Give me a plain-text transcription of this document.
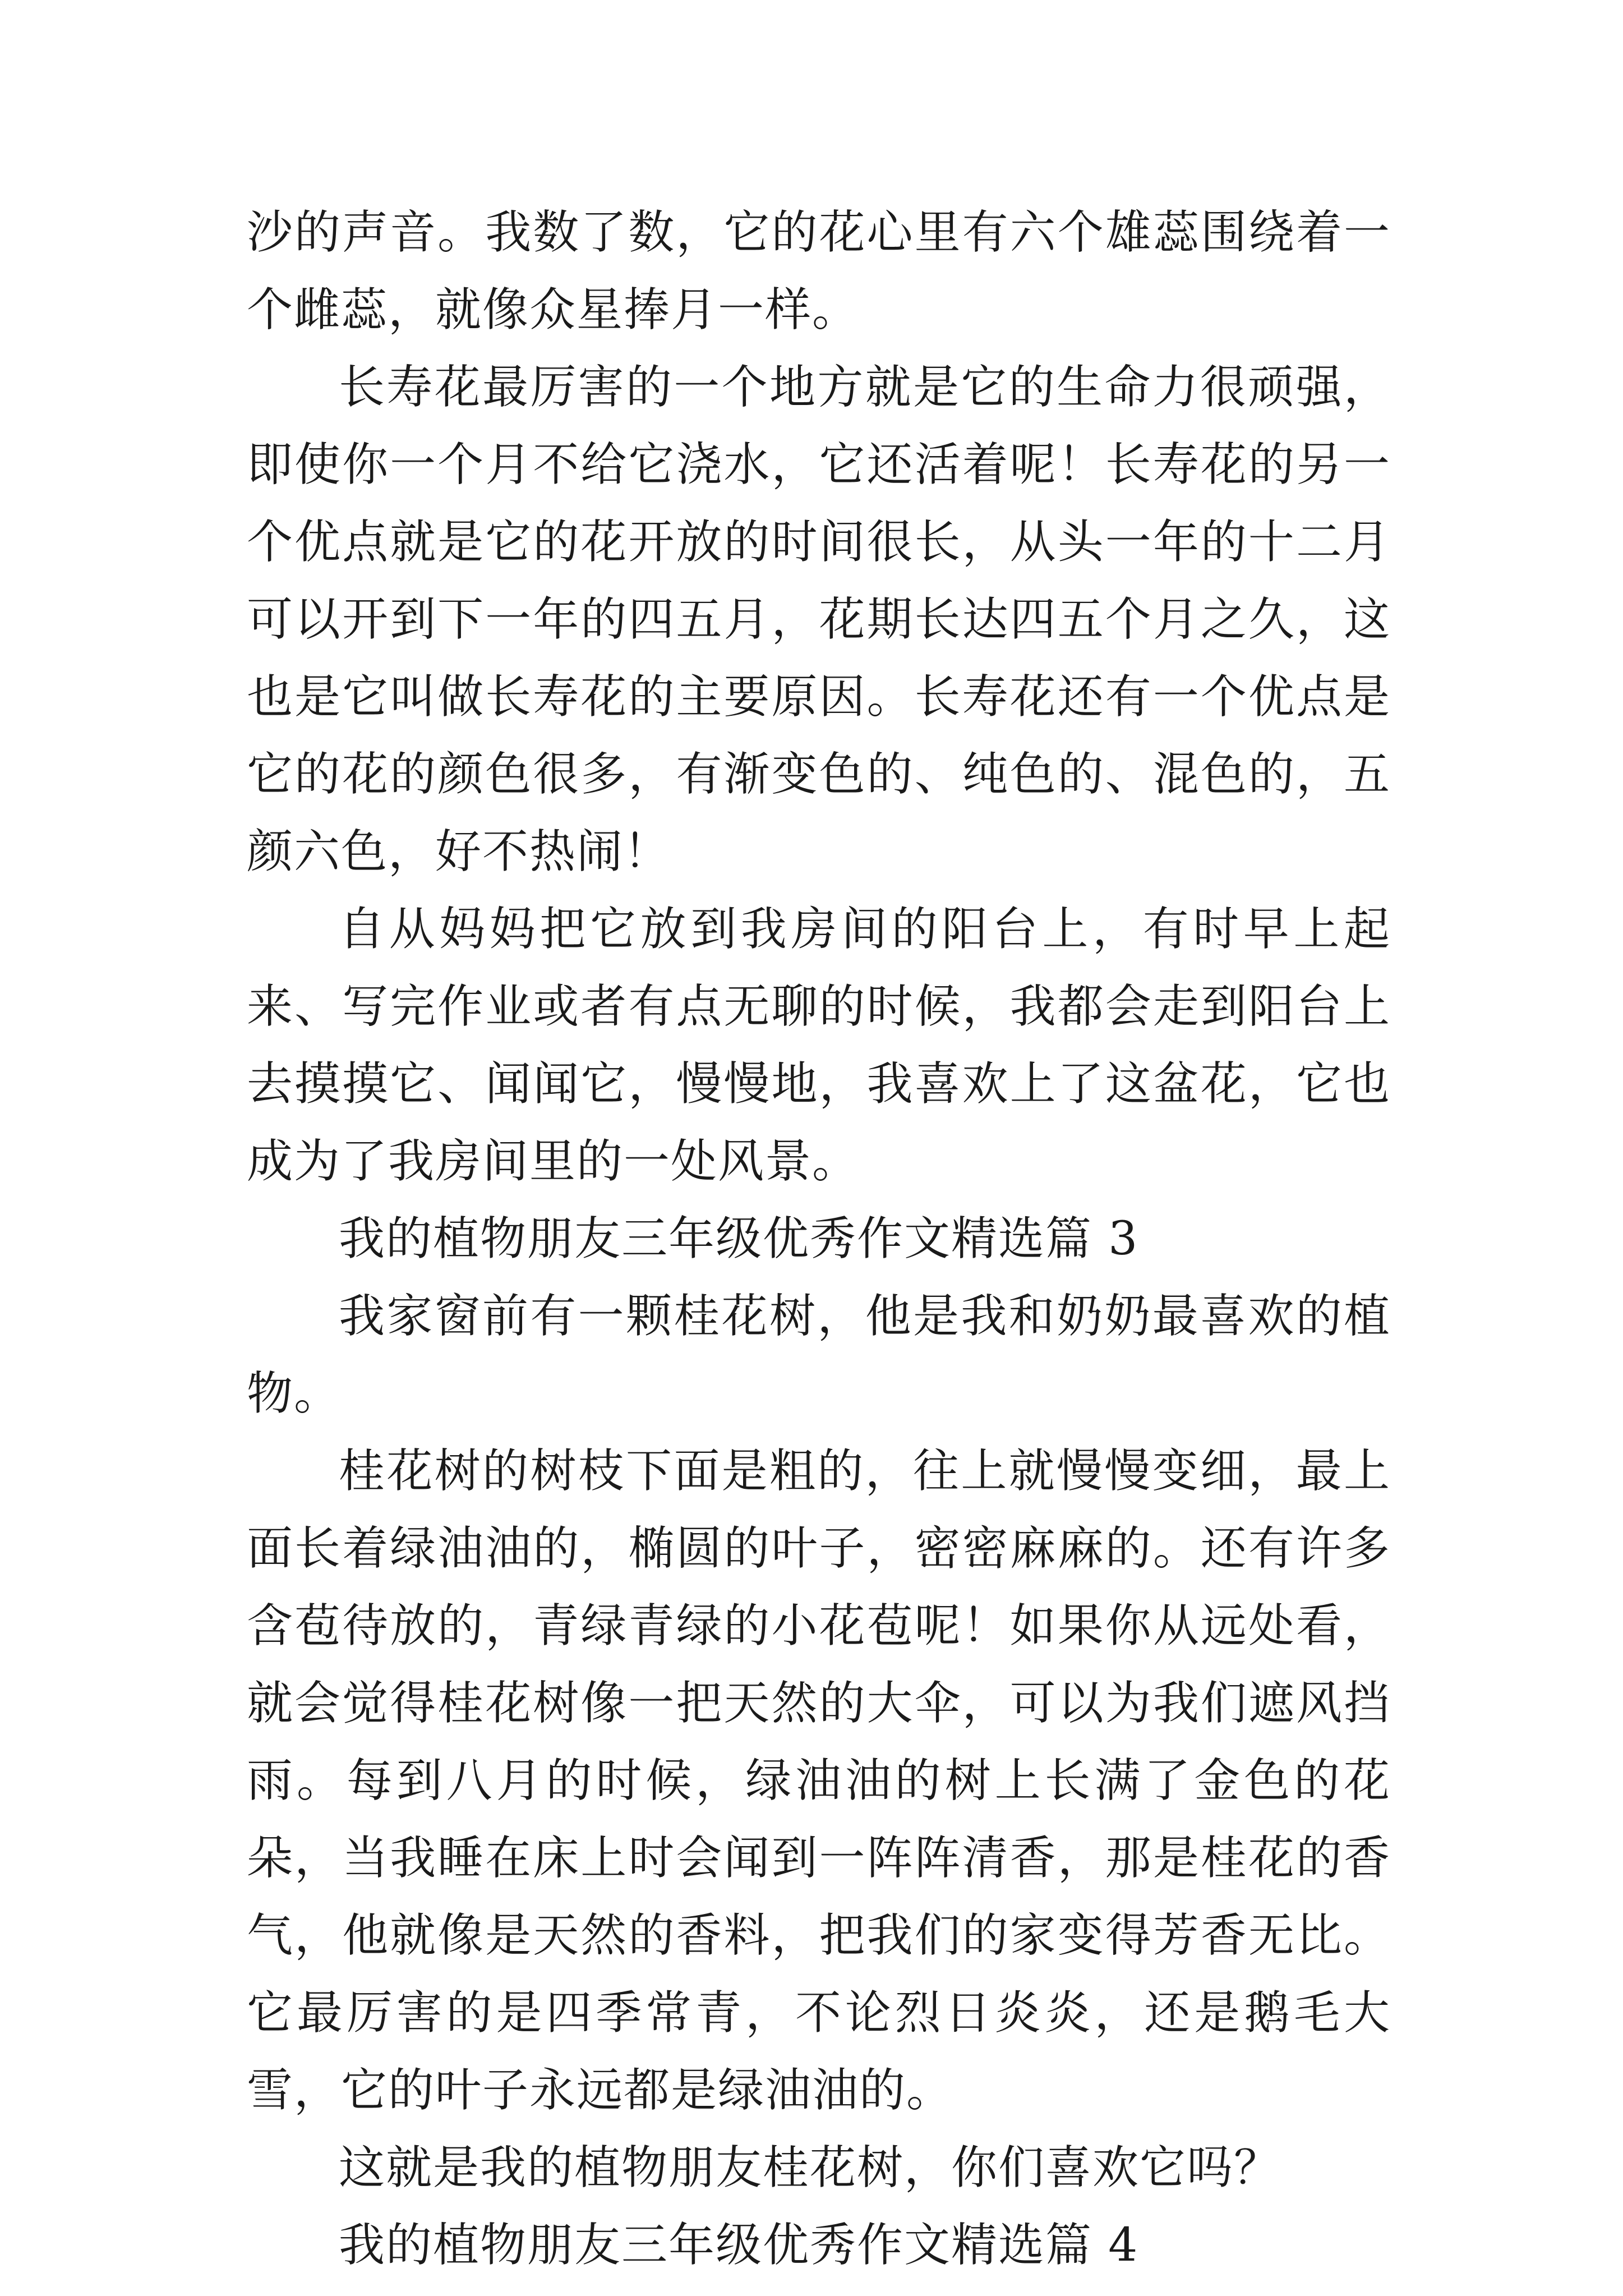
沙的声音。我数了数，它的花心里有六个雄蕊围绕着一个雌蕊，就像众星捧月一样。

长寿花最厉害的一个地方就是它的生命力很顽强，即使你一个月不给它浇水，它还活着呢！长寿花的另一个优点就是它的花开放的时间很长，从头一年的十二月可以开到下一年的四五月，花期长达四五个月之久，这也是它叫做长寿花的主要原因。长寿花还有一个优点是它的花的颜色很多，有渐变色的、纯色的、混色的，五颜六色，好不热闹！

自从妈妈把它放到我房间的阳台上，有时早上起来、写完作业或者有点无聊的时候，我都会走到阳台上去摸摸它、闻闻它，慢慢地，我喜欢上了这盆花，它也成为了我房间里的一处风景。

我的植物朋友三年级优秀作文精选篇 3

我家窗前有一颗桂花树，他是我和奶奶最喜欢的植物。

桂花树的树枝下面是粗的，往上就慢慢变细，最上面长着绿油油的，椭圆的叶子，密密麻麻的。还有许多含苞待放的，青绿青绿的小花苞呢！如果你从远处看，就会觉得桂花树像一把天然的大伞，可以为我们遮风挡雨。每到八月的时候，绿油油的树上长满了金色的花朵，当我睡在床上时会闻到一阵阵清香，那是桂花的香气，他就像是天然的香料，把我们的家变得芳香无比。它最厉害的是四季常青，不论烈日炎炎，还是鹅毛大雪，它的叶子永远都是绿油油的。

这就是我的植物朋友桂花树，你们喜欢它吗？

我的植物朋友三年级优秀作文精选篇 4
